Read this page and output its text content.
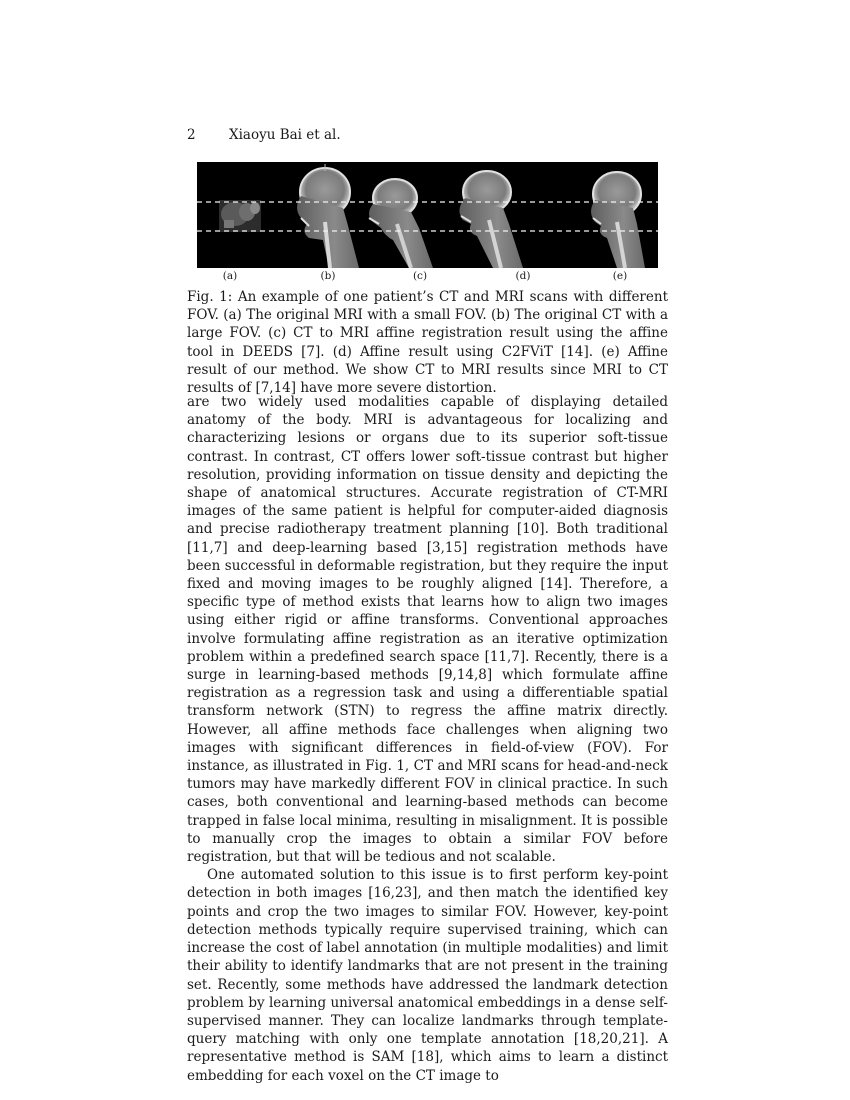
2 Xiaoyu Bai et al.
(a)	(b)	(c)	(d)	(e)

Fig. 1: An example of one patient’s CT and MRI scans with different FOV. (a) The original MRI with a small FOV. (b) The original CT with a large FOV. (c) CT to MRI affine registration result using the affine tool in DEEDS [7]. (d) Affine result using C2FViT [14]. (e) Affine result of our method. We show CT to MRI results since MRI to CT results of [7,14] have more severe distortion.

are two widely used modalities capable of displaying detailed anatomy of the body. MRI is advantageous for localizing and characterizing lesions or organs due to its superior soft-tissue contrast. In contrast, CT offers lower soft-tissue contrast but higher resolution, providing information on tissue density and depicting the shape of anatomical structures. Accurate registration of CT-MRI images of the same patient is helpful for computer-aided diagnosis and precise radiotherapy treatment planning [10]. Both traditional [11,7] and deep-learning based [3,15] registration methods have been successful in deformable registration, but they require the input fixed and moving images to be roughly aligned [14]. Therefore, a specific type of method exists that learns how to align two images using either rigid or affine transforms. Conventional approaches involve formulating affine registration as an iterative optimization problem within a predefined search space [11,7]. Recently, there is a surge in learning-based methods [9,14,8] which formulate affine registration as a regression task and using a differentiable spatial transform network (STN) to regress the affine matrix directly. However, all affine methods face challenges when aligning two images with significant differences in field-of-view (FOV). For instance, as illustrated in Fig. 1, CT and MRI scans for head-and-neck tumors may have markedly different FOV in clinical practice. In such cases, both conventional and learning-based methods can become trapped in false local minima, resulting in misalignment. It is possible to manually crop the images to obtain a similar FOV before registration, but that will be tedious and not scalable.

One automated solution to this issue is to first perform key-point detection in both images [16,23], and then match the identified key points and crop the two images to similar FOV. However, key-point detection methods typically require supervised training, which can increase the cost of label annotation (in multiple modalities) and limit their ability to identify landmarks that are not present in the training set. Recently, some methods have addressed the landmark detection problem by learning universal anatomical embeddings in a dense self-supervised manner. They can localize landmarks through template-query matching with only one template annotation [18,20,21]. A representative method is SAM [18], which aims to learn a distinct embedding for each voxel on the CT image to
